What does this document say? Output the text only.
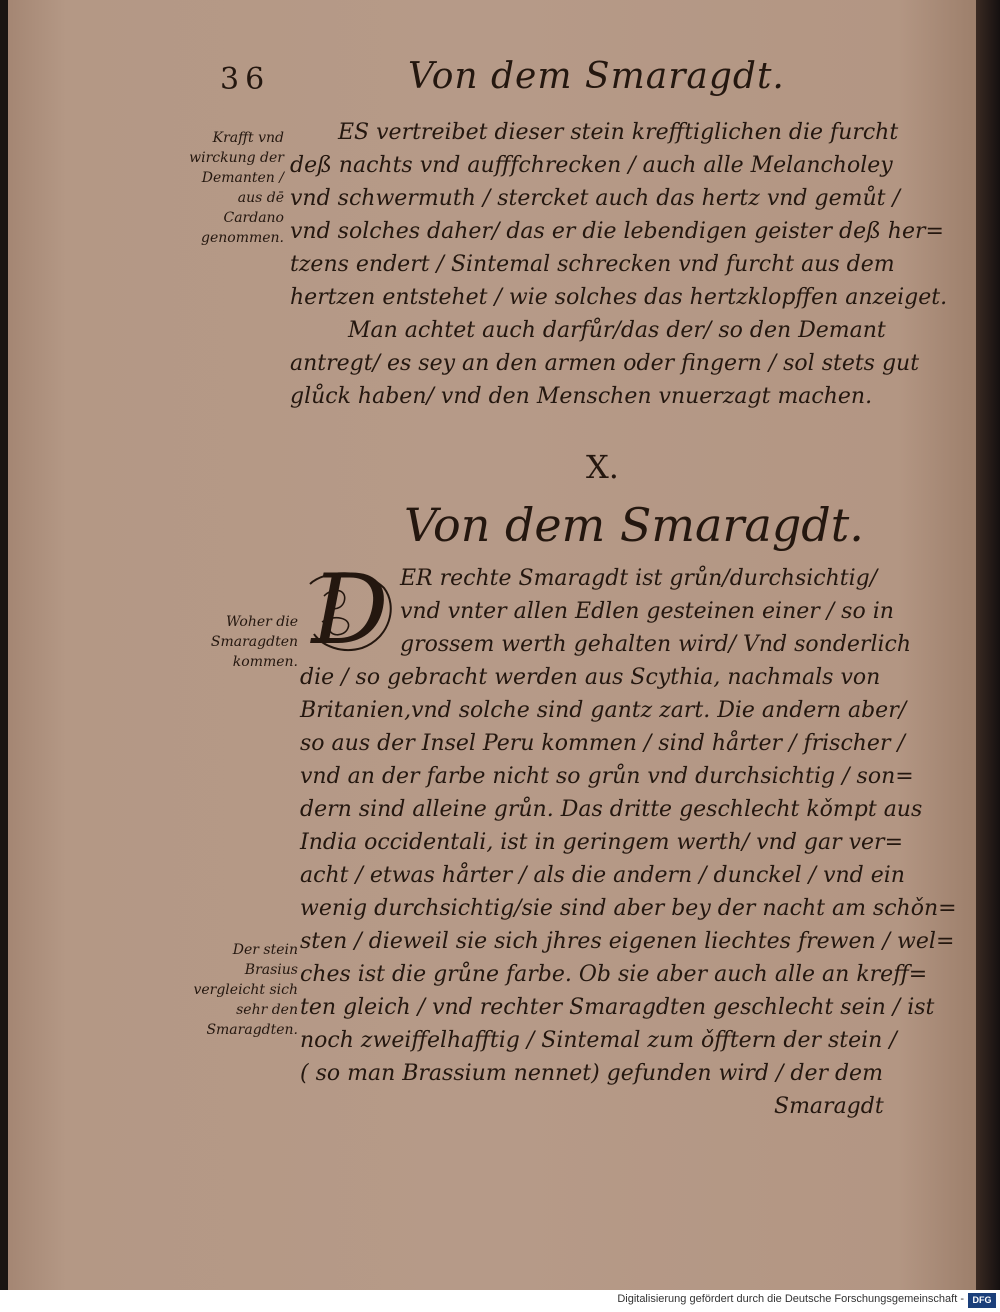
36	Von dem Smaragdt.
Krafft vnd wirckung der Demanten / aus dē Cardano genommen.
Woher die Smaragdten kommen.
Der stein Brasius vergleicht sich sehr den Smaragdten.
ES vertreibet dieser stein krefftiglichen die furcht
deß nachts vnd aufffchrecken / auch alle Melancholey
vnd schwermuth / stercket auch das hertz vnd gemůt /
vnd solches daher/ das er die lebendigen geister deß her=
tzens endert / Sintemal schrecken vnd furcht aus dem
hertzen entstehet / wie solches das hertzklopffen anzeiget.
Man achtet auch darfůr/das der/ so den Demant
antregt/ es sey an den armen oder fingern / sol stets gut
glůck haben/ vnd den Menschen vnuerzagt machen.
X.
Von dem Smaragdt.
D ER rechte Smaragdt ist grůn/durchsichtig/
vnd vnter allen Edlen gesteinen einer / so in
grossem werth gehalten wird/ Vnd sonderlich
die / so gebracht werden aus Scythia, nachmals von
Britanien,vnd solche sind gantz zart. Die andern aber/
so aus der Insel Peru kommen / sind hårter / frischer /
vnd an der farbe nicht so grůn vnd durchsichtig / son=
dern sind alleine grůn. Das dritte geschlecht kǒmpt aus
India occidentali, ist in geringem werth/ vnd gar ver=
acht / etwas hårter / als die andern / dunckel / vnd ein
wenig durchsichtig/sie sind aber bey der nacht am schǒn=
sten / dieweil sie sich jhres eigenen liechtes frewen / wel=
ches ist die grůne farbe. Ob sie aber auch alle an kreff=
ten gleich / vnd rechter Smaragdten geschlecht sein / ist
noch zweiffelhafftig / Sintemal zum ǒfftern der stein /
( so man Brassium nennet) gefunden wird / der dem
Smaragdt
Digitalisierung gefördert durch die Deutsche Forschungsgemeinschaft - DFG
